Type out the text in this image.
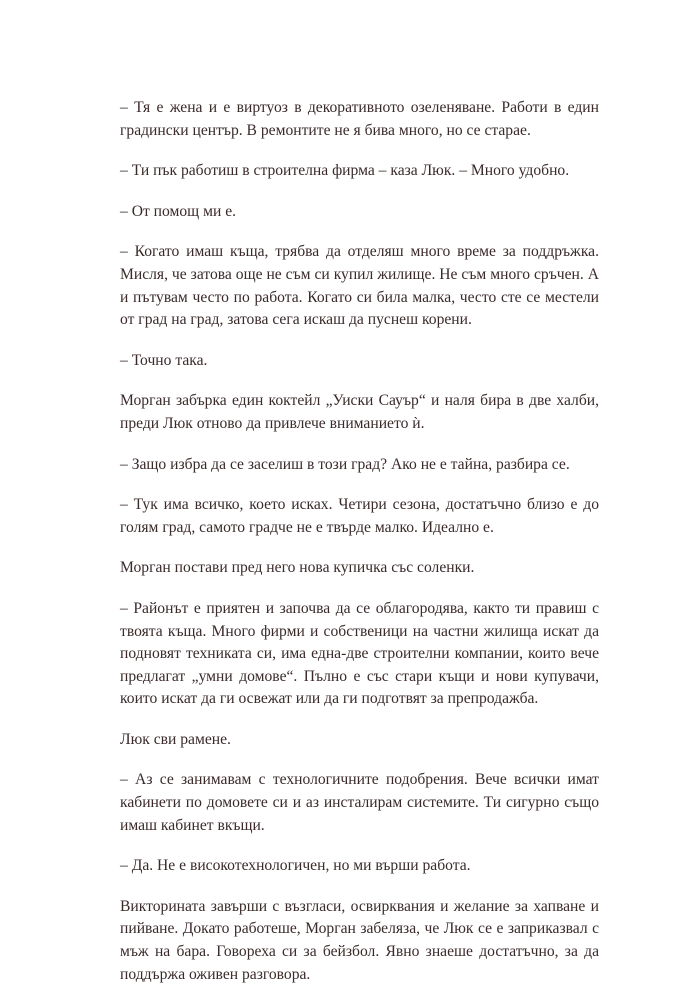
– Тя е жена и е виртуоз в декоративното озеленяване. Работи в един градински център. В ремонтите не я бива много, но се старае.

– Ти пък работиш в строителна фирма – каза Люк. – Много удобно.

– От помощ ми е.

– Когато имаш къща, трябва да отделяш много време за поддръжка. Мисля, че затова още не съм си купил жилище. Не съм много сръчен. А и пътувам често по работа. Когато си била малка, често сте се местели от град на град, затова сега искаш да пуснеш корени.

– Точно така.

Морган забърка един коктейл „Уиски Сауър“ и наля бира в две халби, преди Люк отново да привлече вниманието ѝ.

– Защо избра да се заселиш в този град? Ако не е тайна, разбира се.

– Тук има всичко, което исках. Четири сезона, достатъчно близо е до голям град, самото градче не е твърде малко. Идеално е.

Морган постави пред него нова купичка със соленки.

– Районът е приятен и започва да се облагородява, както ти правиш с твоята къща. Много фирми и собственици на частни жилища искат да подновят техниката си, има една-две строителни компании, които вече предлагат „умни домове“. Пълно е със стари къщи и нови купувачи, които искат да ги освежат или да ги подготвят за препродажба.

Люк сви рамене.

– Аз се занимавам с технологичните подобрения. Вече всички имат кабинети по домовете си и аз инсталирам системите. Ти сигурно също имаш кабинет вкъщи.

– Да. Не е високотехнологичен, но ми върши работа.

Викторината завърши с възгласи, освирквания и желание за хапване и пийване. Докато работеше, Морган забеляза, че Люк се е заприказвал с мъж на бара. Говореха си за бейзбол. Явно знаеше достатъчно, за да поддържа оживен разговора.
